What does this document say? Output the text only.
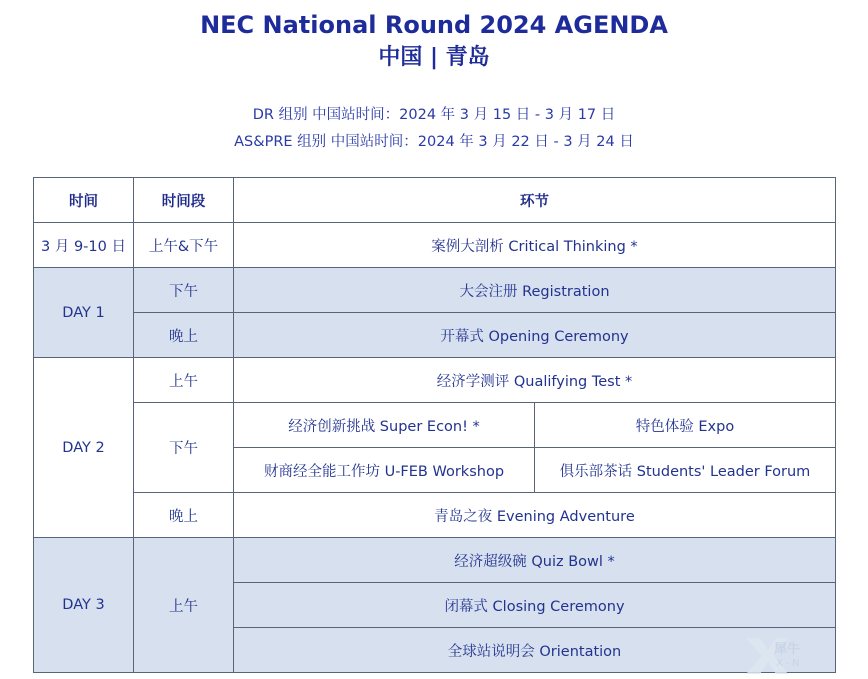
NEC National Round 2024 AGENDA
中国 | 青岛
DR 组别 中国站时间：2024 年 3 月 15 日 - 3 月 17 日
AS&PRE 组别 中国站时间：2024 年 3 月 22 日 - 3 月 24 日
时间	时间段	环节	
3 月 9-10 日	上午&下午	案例大剖析 Critical Thinking *	
DAY 1	下午	大会注册 Registration	
	晚上	开幕式 Opening Ceremony	
DAY 2	上午	经济学测评 Qualifying Test *	
	下午	经济创新挑战 Super Econ! *	特色体验 Expo
		财商经全能工作坊 U-FEB Workshop	俱乐部茶话 Students' Leader Forum
	晚上	青岛之夜 Evening Adventure	
DAY 3	上午	经济超级碗 Quiz Bowl *	
		闭幕式 Closing Ceremony	
		全球站说明会 Orientation		犀牛
X-N
